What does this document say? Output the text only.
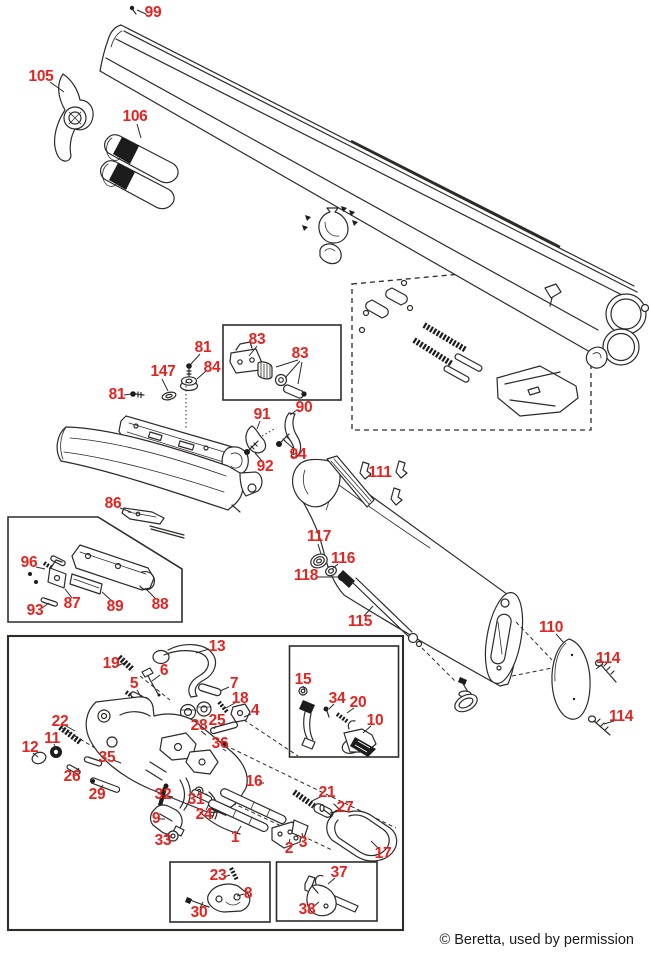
99
105
106
83
83
81
84
147
81
91 90
92
94
86
96
93 87 89 88
111
117
116
118
115	110
114
114
19
13
6
5	7
18
4
28 25
36
22
11
12
26
35
29
16
32 31
24
9
33	1
2 3
21
27
17
15
34 20
10
23
8
30
37
38
© Beretta, used by permission
